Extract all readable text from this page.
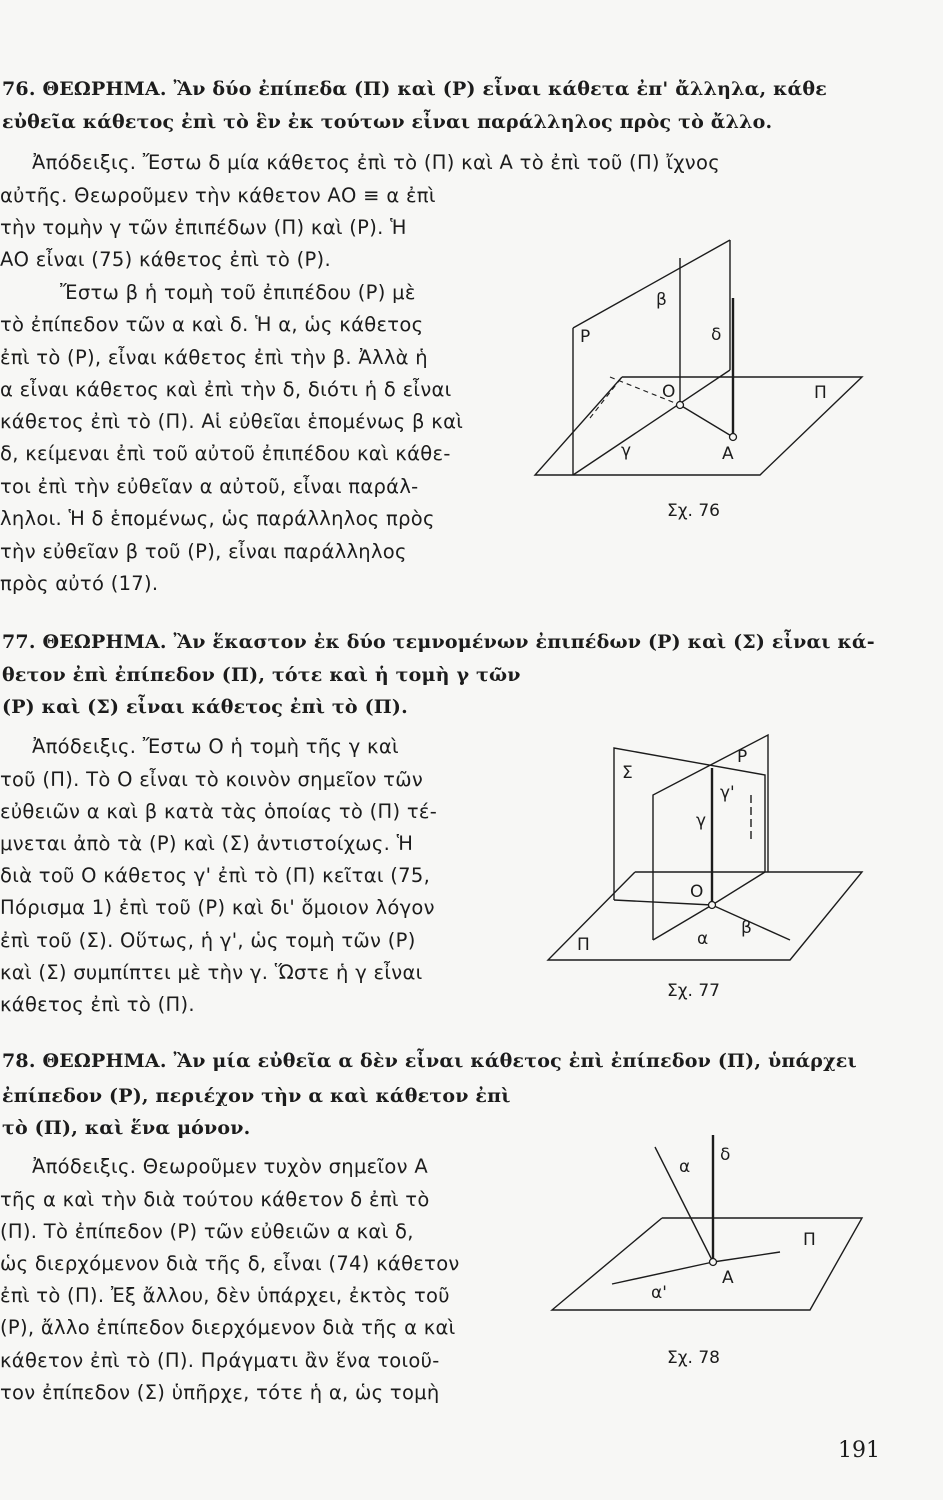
76. ΘΕΩΡΗΜΑ. Ἂν δύο ἐπίπεδα (Π) καὶ (Ρ) εἶναι κάθετα ἐπ' ἄλληλα, κάθε
εὐθεῖα κάθετος ἐπὶ τὸ ἓν ἐκ τούτων εἶναι παράλληλος πρὸς τὸ ἄλλο.
Ἀπόδειξις. Ἔστω δ μία κάθετος ἐπὶ τὸ (Π) καὶ Α τὸ ἐπὶ τοῦ (Π) ἴχνος
αὐτῆς. Θεωροῦμεν τὴν κάθετον ΑΟ ≡ α ἐπὶ
τὴν τομὴν γ τῶν ἐπιπέδων (Π) καὶ (Ρ). Ἡ
ΑΟ εἶναι (75) κάθετος ἐπὶ τὸ (Ρ).
Ἔστω β ἡ τομὴ τοῦ ἐπιπέδου (Ρ) μὲ
τὸ ἐπίπεδον τῶν α καὶ δ. Ἡ α, ὡς κάθετος
ἐπὶ τὸ (Ρ), εἶναι κάθετος ἐπὶ τὴν β. Ἀλλὰ ἡ
α εἶναι κάθετος καὶ ἐπὶ τὴν δ, διότι ἡ δ εἶναι
κάθετος ἐπὶ τὸ (Π). Αἱ εὐθεῖαι ἑπομένως β καὶ
δ, κείμεναι ἐπὶ τοῦ αὐτοῦ ἐπιπέδου καὶ κάθε-
τοι ἐπὶ τὴν εὐθεῖαν α αὐτοῦ, εἶναι παράλ-
ληλοι. Ἡ δ ἑπομένως, ὡς παράλληλος πρὸς
τὴν εὐθεῖαν β τοῦ (Ρ), εἶναι παράλληλος
πρὸς αὐτό (17).
β
Ρ	δ
Ο	Π
γ	Α
Σχ. 76
77. ΘΕΩΡΗΜΑ. Ἂν ἕκαστον ἐκ δύο τεμνομένων ἐπιπέδων (Ρ) καὶ (Σ) εἶναι κά-
θετον ἐπὶ ἐπίπεδον (Π), τότε καὶ ἡ τομὴ γ τῶν
(Ρ) καὶ (Σ) εἶναι κάθετος ἐπὶ τὸ (Π).
Ἀπόδειξις. Ἔστω Ο ἡ τομὴ τῆς γ καὶ
τοῦ (Π). Τὸ Ο εἶναι τὸ κοινὸν σημεῖον τῶν
εὐθειῶν α καὶ β κατὰ τὰς ὁποίας τὸ (Π) τέ-
μνεται ἀπὸ τὰ (Ρ) καὶ (Σ) ἀντιστοίχως. Ἡ
διὰ τοῦ Ο κάθετος γ' ἐπὶ τὸ (Π) κεῖται (75,
Πόρισμα 1) ἐπὶ τοῦ (Ρ) καὶ δι' ὅμοιον λόγον
ἐπὶ τοῦ (Σ). Οὕτως, ἡ γ', ὡς τομὴ τῶν (Ρ)
καὶ (Σ) συμπίπτει μὲ τὴν γ. Ὥστε ἡ γ εἶναι
κάθετος ἐπὶ τὸ (Π).
Ρ
Σ
γ'
γ
Ο
α
β
Π
Σχ. 77
78. ΘΕΩΡΗΜΑ. Ἂν μία εὐθεῖα α δὲν εἶναι κάθετος ἐπὶ ἐπίπεδον (Π), ὑπάρχει
ἐπίπεδον (Ρ), περιέχον τὴν α καὶ κάθετον ἐπὶ
τὸ (Π), καὶ ἕνα μόνον.
Ἀπόδειξις. Θεωροῦμεν τυχὸν σημεῖον Α
τῆς α καὶ τὴν διὰ τούτου κάθετον δ ἐπὶ τὸ
(Π). Τὸ ἐπίπεδον (Ρ) τῶν εὐθειῶν α καὶ δ,
ὡς διερχόμενον διὰ τῆς δ, εἶναι (74) κάθετον
ἐπὶ τὸ (Π). Ἐξ ἄλλου, δὲν ὑπάρχει, ἐκτὸς τοῦ
(Ρ), ἄλλο ἐπίπεδον διερχόμενον διὰ τῆς α καὶ
κάθετον ἐπὶ τὸ (Π). Πράγματι ἂν ἕνα τοιοῦ-
τον ἐπίπεδον (Σ) ὑπῆρχε, τότε ἡ α, ὡς τομὴ
α
δ
Π
Α
α'
Σχ. 78
191
